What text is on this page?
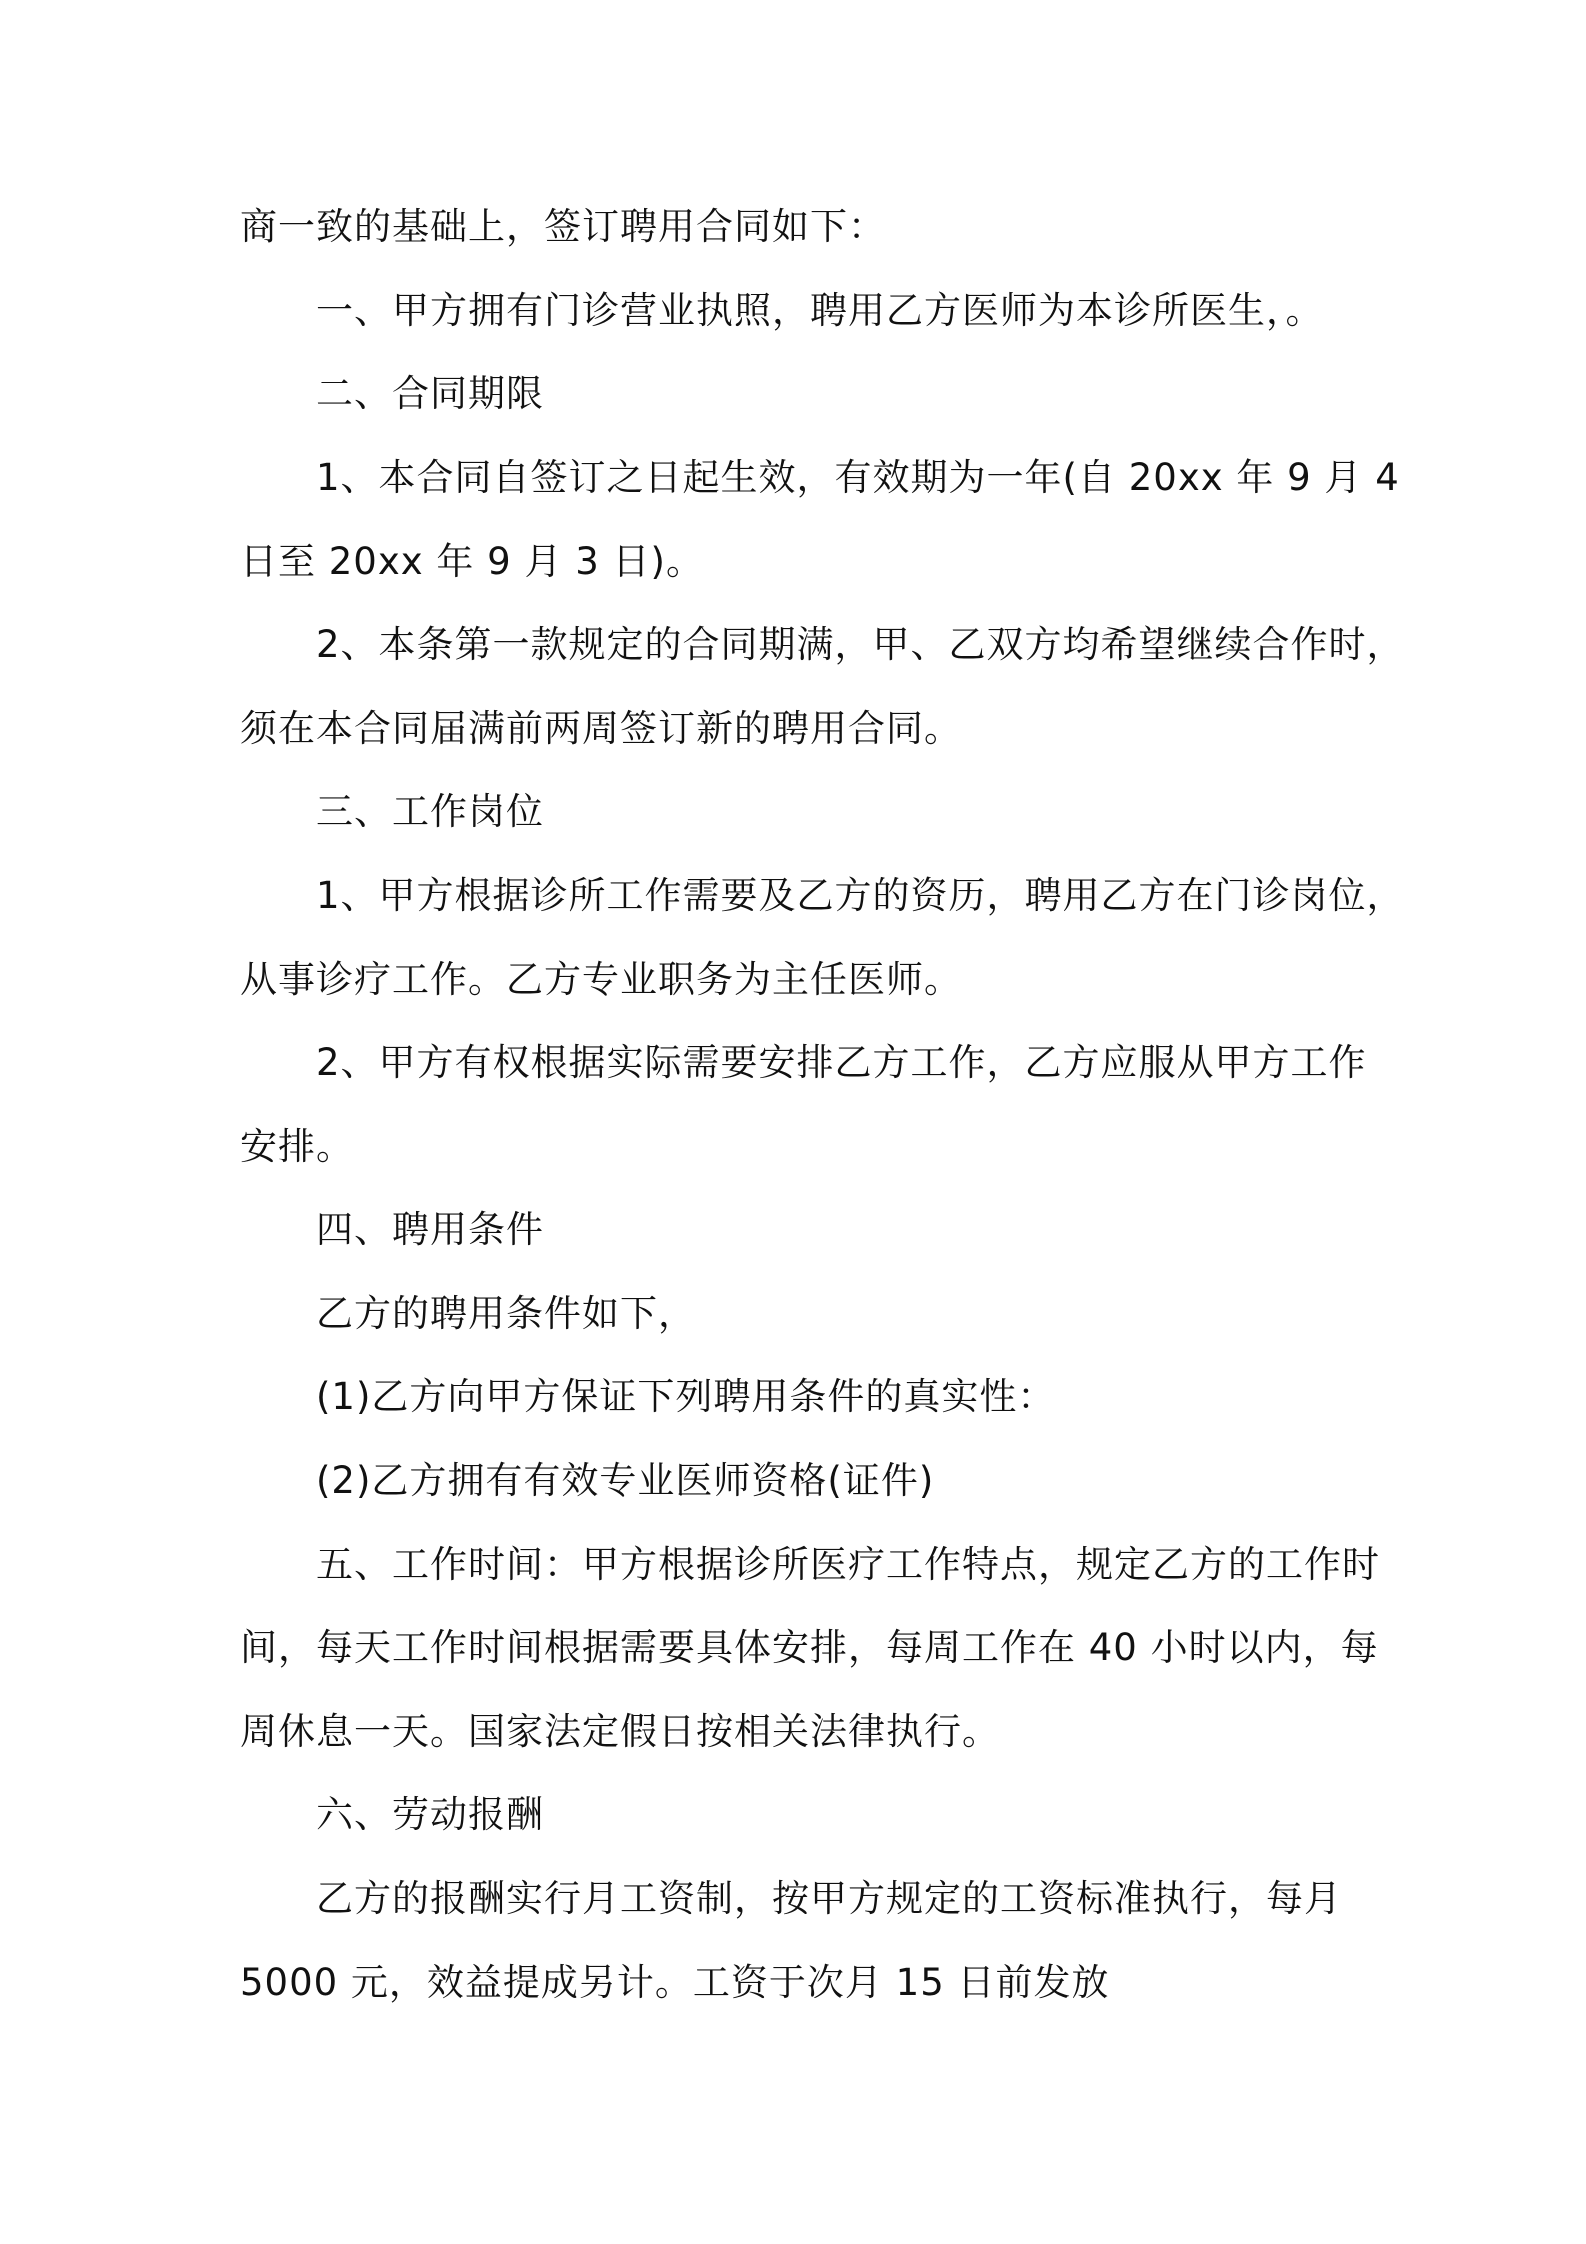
商一致的基础上，签订聘用合同如下：
一、甲方拥有门诊营业执照，聘用乙方医师为本诊所医生，。
二、合同期限
1、本合同自签订之日起生效，有效期为一年(自 20xx 年 9 月 4
日至 20xx 年 9 月 3 日)。
2、本条第一款规定的合同期满，甲、乙双方均希望继续合作时，
须在本合同届满前两周签订新的聘用合同。
三、工作岗位
1、甲方根据诊所工作需要及乙方的资历，聘用乙方在门诊岗位，
从事诊疗工作。乙方专业职务为主任医师。
2、甲方有权根据实际需要安排乙方工作，乙方应服从甲方工作
安排。
四、聘用条件
乙方的聘用条件如下，
(1)乙方向甲方保证下列聘用条件的真实性：
(2)乙方拥有有效专业医师资格(证件)
五、工作时间：甲方根据诊所医疗工作特点，规定乙方的工作时
间，每天工作时间根据需要具体安排，每周工作在 40 小时以内，每
周休息一天。国家法定假日按相关法律执行。
六、劳动报酬
乙方的报酬实行月工资制，按甲方规定的工资标准执行，每月
5000 元，效益提成另计。工资于次月 15 日前发放
